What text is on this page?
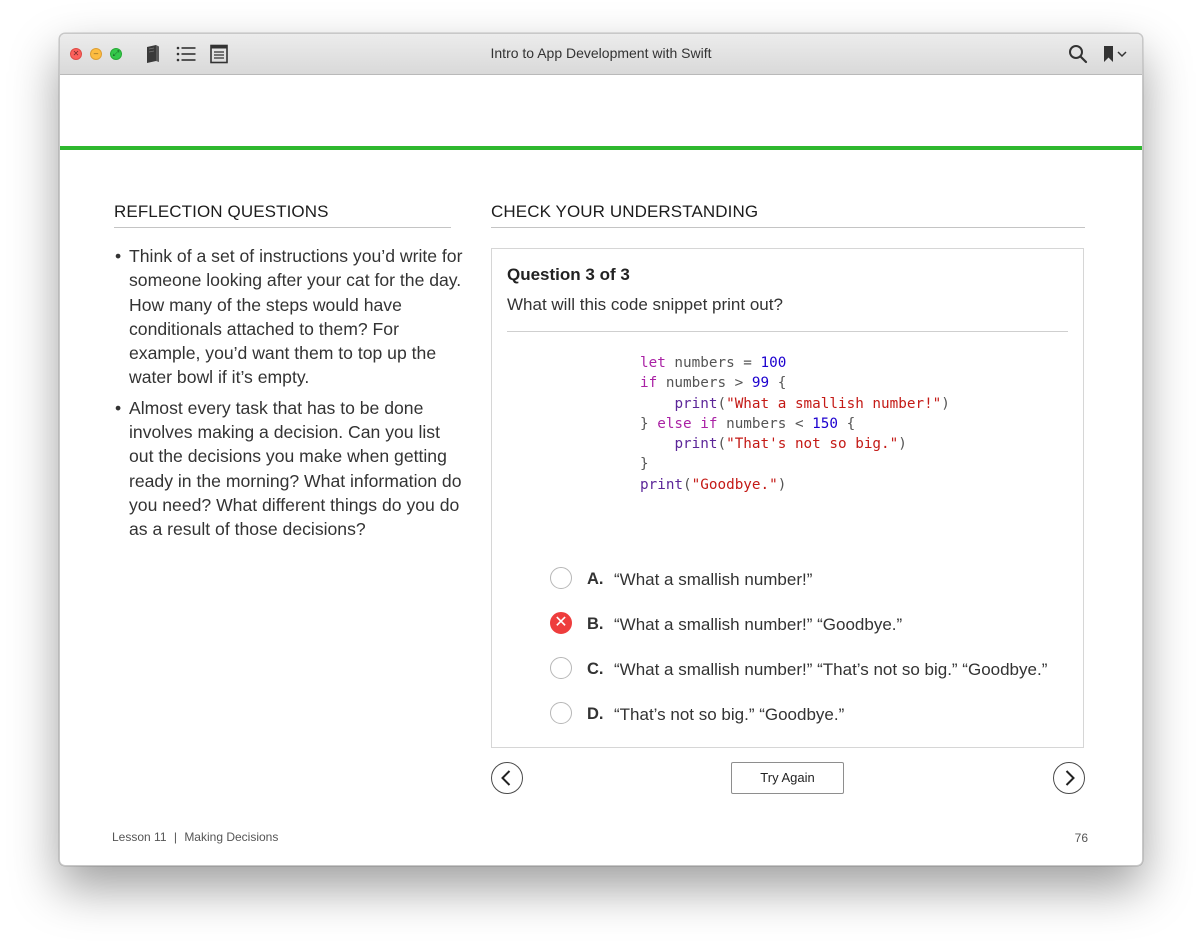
✕	–	⤢	Intro to App Development with Swift
REFLECTION QUESTIONS
• Think of a set of instructions you’d write for someone looking after your cat for the day. How many of the steps would have conditionals attached to them? For example, you’d want them to top up the water bowl if it’s empty.
• Almost every task that has to be done involves making a decision. Can you list out the decisions you make when getting ready in the morning? What information do you need? What different things do you do as a result of those decisions?
CHECK YOUR UNDERSTANDING
Question 3 of 3
What will this code snippet print out?
let numbers = 100
if numbers > 99 {
print("What a smallish number!")
} else if numbers < 150 {
print("That's not so big.")
}
print("Goodbye.")
A. “What a smallish number!”
✕ B. “What a smallish number!” “Goodbye.”
C. “What a smallish number!” “That’s not so big.” “Goodbye.”
D. “That’s not so big.” “Goodbye.”
Try Again
Lesson 11 | Making Decisions	76
